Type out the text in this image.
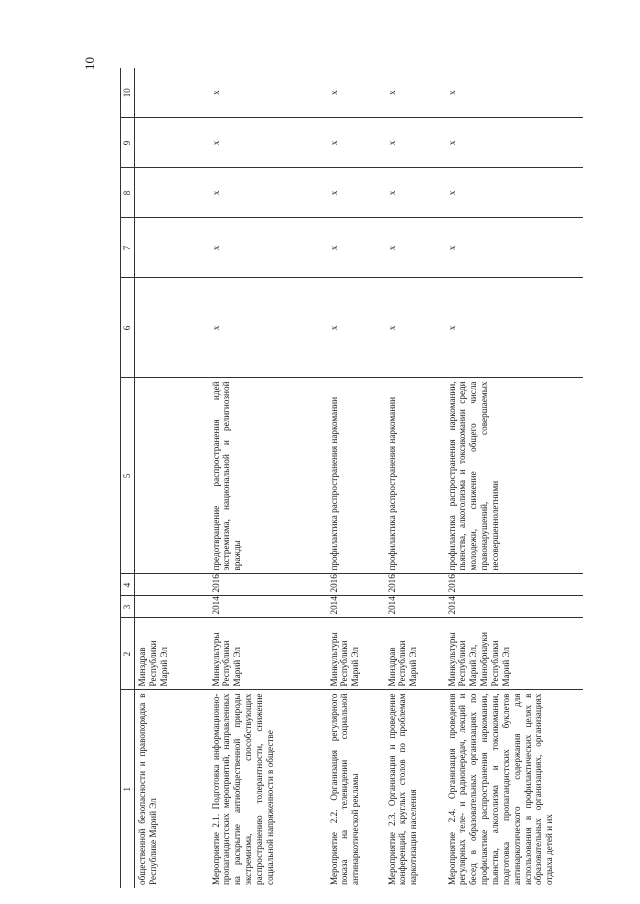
10
1	2	3	4	5	6	7	8	9	10
общественной безопасности и правопорядка в Республике Марий Эл	Минздрав Республики Марий Эл								
Мероприятие 2.1. Подготовка информационно-пропагандистских мероприятий, направленных на раскрытие антиобщественной природы экстремизма, способствующих распространению толерантности, снижение социальной напряженности в обществе	Минкультуры Республики Марий Эл	2014	2016	предотвращение распространения идей экстремизма, национальной и религиозной вражды	x	x	x	x	x
Мероприятие 2.2. Организация регулярного показа на телевидении социальной антинаркотической рекламы	Минкультуры Республики Марий Эл	2014	2016	профилактика распространения наркомании	x	x	x	x	x
Мероприятие 2.3. Организация и проведение конференций, круглых столов по проблемам наркотизации населения	Минздрав Республики Марий Эл	2014	2016	профилактика распространения наркомании	x	x	x	x	x
Мероприятие 2.4. Организация проведения регулярных теле- и радиопередач, лекций и бесед в образовательных организациях по профилактике распространения наркомании, пьянства, алкоголизма и токсикомании, подготовка пропагандистских буклетов антинаркотического содержания для использования в профилактических целях в образовательных организациях, организациях отдыха детей и их	Минкультуры Республики Марий Эл, Минобрнауки Республики Марий Эл	2014	2016	профилактика распространения наркомании, пьянства, алкоголизма и токсикомании среди молодежи, снижение общего числа правонарушений, совершаемых несовершеннолетними	x	x	x	x	x
